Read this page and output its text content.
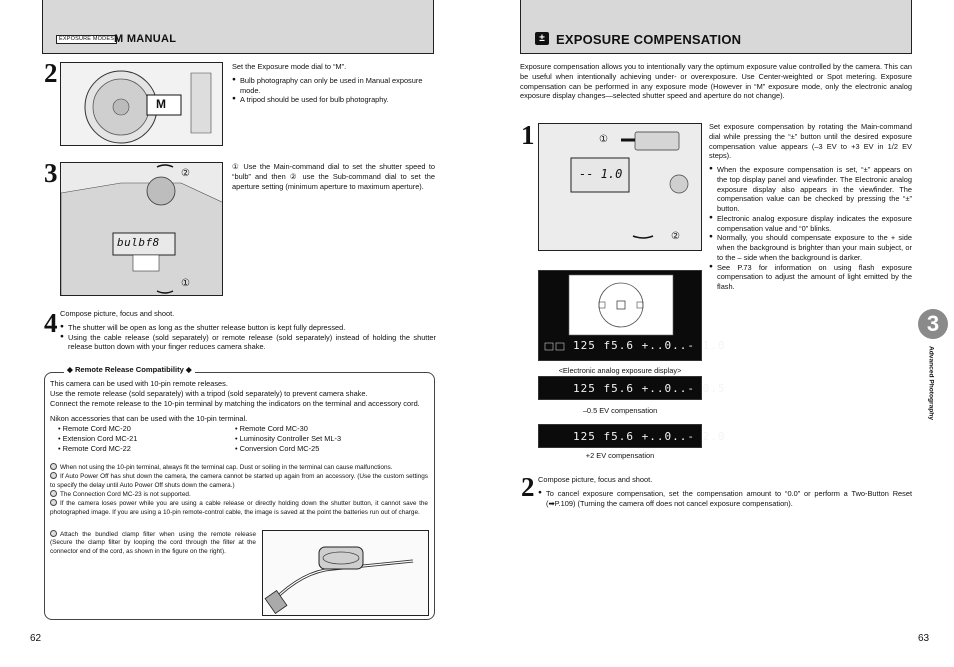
EXPOSURE MODES M MANUAL
2
M

Set the Exposure mode dial to “M”.

● Bulb photography can only be used in Manual exposure mode.

● A tripod should be used for bulb photography.

3
bulbf8
②
①

① Use the Main-command dial to set the shutter speed to “bulb” and then ② use the Sub-command dial to set the aperture setting (minimum aperture to maximum aperture).

4 Compose picture, focus and shoot.

● The shutter will be open as long as the shutter release button is kept fully depressed.

● Using the cable release (sold separately) or remote release (sold separately) instead of holding the shutter release button down with your finger reduces camera shake.

◆ Remote Release Compatibility ◆

This camera can be used with 10-pin remote releases.

Use the remote release (sold separately) with a tripod (sold separately) to prevent camera shake.

Connect the remote release to the 10-pin terminal by matching the indicators on the terminal and accessory cord.

Nikon accessories that can be used with the 10-pin terminal.

• Remote Cord MC-20

• Extension Cord MC-21

• Remote Cord MC-22

• Remote Cord MC-30

• Luminosity Controller Set ML-3

• Conversion Cord MC-25

When not using the 10-pin terminal, always fit the terminal cap. Dust or soiling in the terminal can cause malfunctions.

If Auto Power Off has shut down the camera, the camera cannot be started up again from an accessory. (Use the custom settings to specify the delay until Auto Power Off shuts down the camera.)

The Connection Cord MC-23 is not supported.

If the camera loses power while you are using a cable release or directly holding down the shutter button, it cannot save the photographed image. If you are using a 10-pin remote-control cable, the image is saved at the point the batteries run out of charge.

Attach the bundled clamp filter when using the remote release (Secure the clamp filter by looping the cord through the filter at the connector end of the cord, as shown in the figure on the right).

62
± EXPOSURE COMPENSATION

Exposure compensation allows you to intentionally vary the optimum exposure value controlled by the camera. This can be useful when intentionally achieving under- or overexposure. Use Center-weighted or Spot metering. Exposure compensation can be performed in any exposure mode (However in “M” exposure mode, only the electronic analog exposure display changes—selected shutter speed and aperture do not change).

1
-- 1.0
①
②

Set exposure compensation by rotating the Main-command dial while pressing the “±” button until the desired exposure compensation value appears (–3 EV to +3 EV in 1/2 EV steps).

● When the exposure compensation is set, “±” appears on the top display panel and viewfinder. The Electronic analog exposure display also appears in the viewfinder. The compensation value can be checked by pressing the “±” button.

● Electronic analog exposure display indicates the exposure compensation value and “0” blinks.

● Normally, you should compensate exposure to the + side when the background is brighter than your main subject, or to the – side when the background is darker.

● See P.73 for information on using flash exposure compensation to adjust the amount of light emitted by the flash.

125 f5.6 +..0..- 1.0
<Electronic analog exposure display>
125 f5.6 +..0..- 0.5
–0.5 EV compensation
125 f5.6 +..0..- 2.0
+2 EV compensation
2 Compose picture, focus and shoot.

● To cancel exposure compensation, set the compensation amount to “0.0” or perform a Two-Button Reset (➡P.109) (Turning the camera off does not cancel exposure compensation).

3
Advanced Photography
63
